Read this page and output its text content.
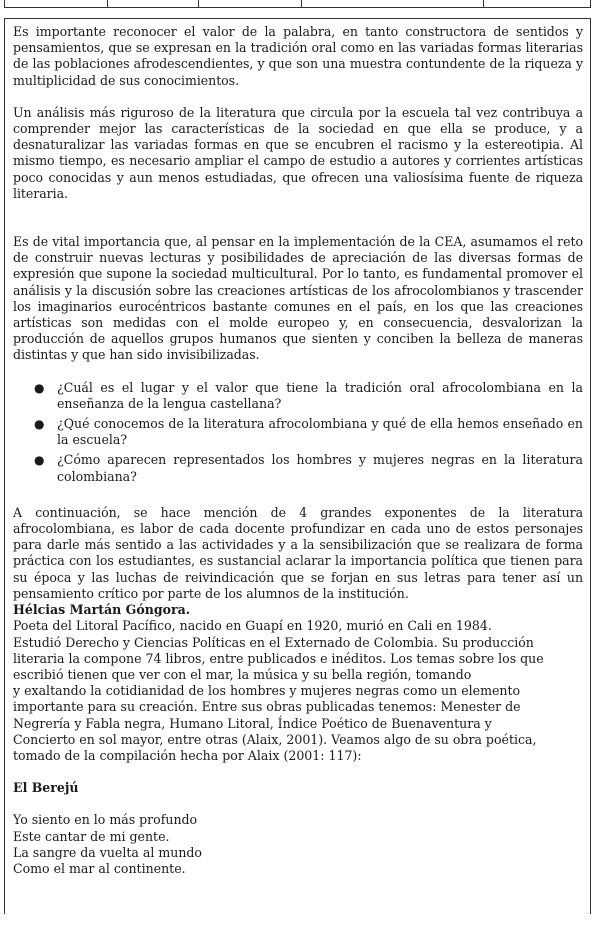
Es importante reconocer el valor de la palabra, en tanto constructora de sentidos y pensamientos, que se expresan en la tradición oral como en las variadas formas literarias de las poblaciones afrodescendientes, y que son una muestra contundente de la riqueza y multiplicidad de sus conocimientos.

Un análisis más riguroso de la literatura que circula por la escuela tal vez contribuya a comprender mejor las características de la sociedad en que ella se produce, y a desnaturalizar las variadas formas en que se encubren el racismo y la estereotipia. Al mismo tiempo, es necesario ampliar el campo de estudio a autores y corrientes artísticas poco conocidas y aun menos estudiadas, que ofrecen una valiosísima fuente de riqueza literaria.

Es de vital importancia que, al pensar en la implementación de la CEA, asumamos el reto de construir nuevas lecturas y posibilidades de apreciación de las diversas formas de expresión que supone la sociedad multicultural. Por lo tanto, es fundamental promover el análisis y la discusión sobre las creaciones artísticas de los afrocolombianos y trascender los imaginarios eurocéntricos bastante comunes en el país, en los que las creaciones artísticas son medidas con el molde europeo y, en consecuencia, desvalorizan la producción de aquellos grupos humanos que sienten y conciben la belleza de maneras distintas y que han sido invisibilizadas.

● ¿Cuál es el lugar y el valor que tiene la tradición oral afrocolombiana en la enseñanza de la lengua castellana?
● ¿Qué conocemos de la literatura afrocolombiana y qué de ella hemos enseñado en la escuela?
● ¿Cómo aparecen representados los hombres y mujeres negras en la literatura colombiana?

A continuación, se hace mención de 4 grandes exponentes de la literatura afrocolombiana, es labor de cada docente profundizar en cada uno de estos personajes para darle más sentido a las actividades y a la sensibilización que se realizara de forma práctica con los estudiantes, es sustancial aclarar la importancia política que tienen para su época y las luchas de reivindicación que se forjan en sus letras para tener así un pensamiento crítico por parte de los alumnos de la institución.

Hélcias Martán Góngora.

Poeta del Litoral Pacífico, nacido en Guapí en 1920, murió en Cali en 1984.

Estudió Derecho y Ciencias Políticas en el Externado de Colombia. Su producción

literaria la compone 74 libros, entre publicados e inéditos. Los temas sobre los que

escribió tienen que ver con el mar, la música y su bella región, tomando

y exaltando la cotidianidad de los hombres y mujeres negras como un elemento

importante para su creación. Entre sus obras publicadas tenemos: Menester de

Negrería y Fabla negra, Humano Litoral, Índice Poético de Buenaventura y

Concierto en sol mayor, entre otras (Alaix, 2001). Veamos algo de su obra poética,

tomado de la compilación hecha por Alaix (2001: 117):

El Berejú

Yo siento en lo más profundo

Este cantar de mi gente.

La sangre da vuelta al mundo

Como el mar al continente.
